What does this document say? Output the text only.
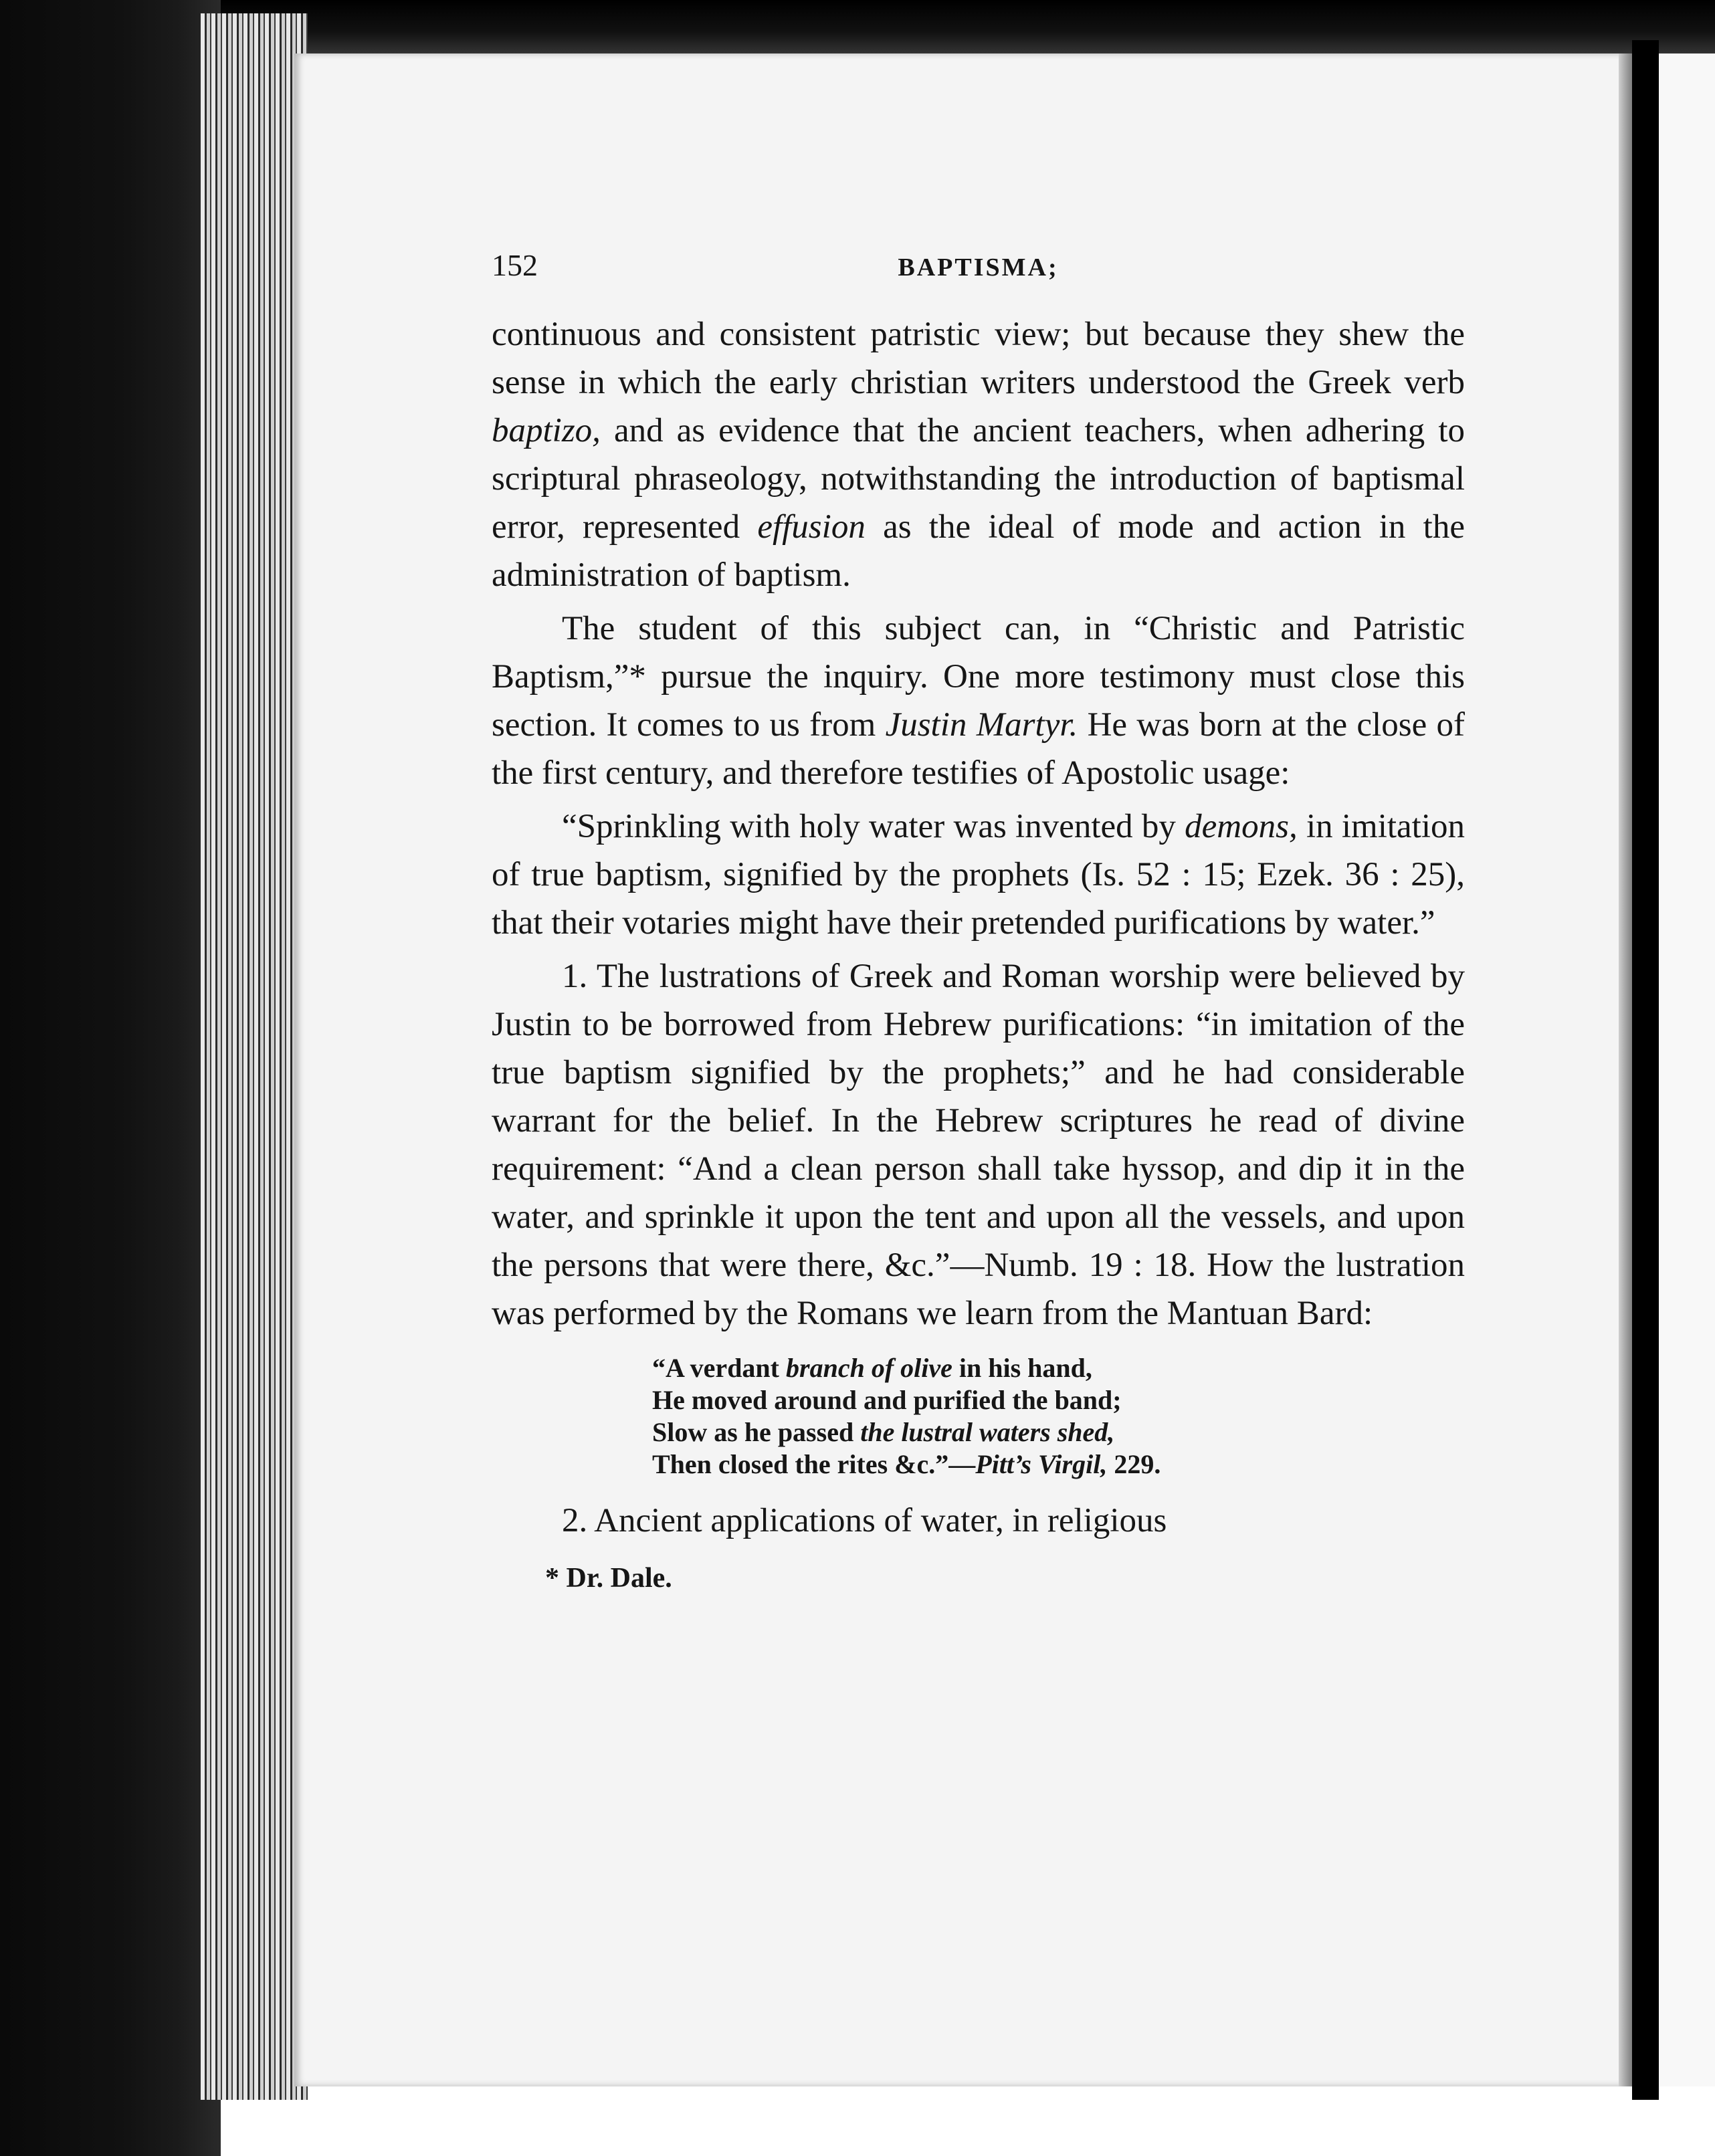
152	BAPTISMA;

continuous and consistent patristic view; but because they shew the sense in which the early christian writers understood the Greek verb baptizo, and as evidence that the ancient teachers, when adhering to scriptural phraseology, notwithstanding the introduction of baptismal error, represented effusion as the ideal of mode and action in the administration of baptism.

The student of this subject can, in “Christic and Patristic Baptism,”* pursue the inquiry. One more testimony must close this section. It comes to us from Justin Martyr. He was born at the close of the first century, and therefore testifies of Apostolic usage:

“Sprinkling with holy water was invented by demons, in imitation of true baptism, signified by the prophets (Is. 52 : 15; Ezek. 36 : 25), that their votaries might have their pretended purifications by water.”

1. The lustrations of Greek and Roman worship were believed by Justin to be borrowed from Hebrew purifications: “in imitation of the true baptism signified by the prophets;” and he had considerable warrant for the belief. In the Hebrew scriptures he read of divine requirement: “And a clean person shall take hyssop, and dip it in the water, and sprinkle it upon the tent and upon all the vessels, and upon the persons that were there, &c.”—Numb. 19 : 18. How the lustration was performed by the Romans we learn from the Mantuan Bard:

“A verdant branch of olive in his hand,
He moved around and purified the band;
Slow as he passed the lustral waters shed,
Then closed the rites &c.”—Pitt’s Virgil, 229.

2. Ancient applications of water, in religious

* Dr. Dale.
